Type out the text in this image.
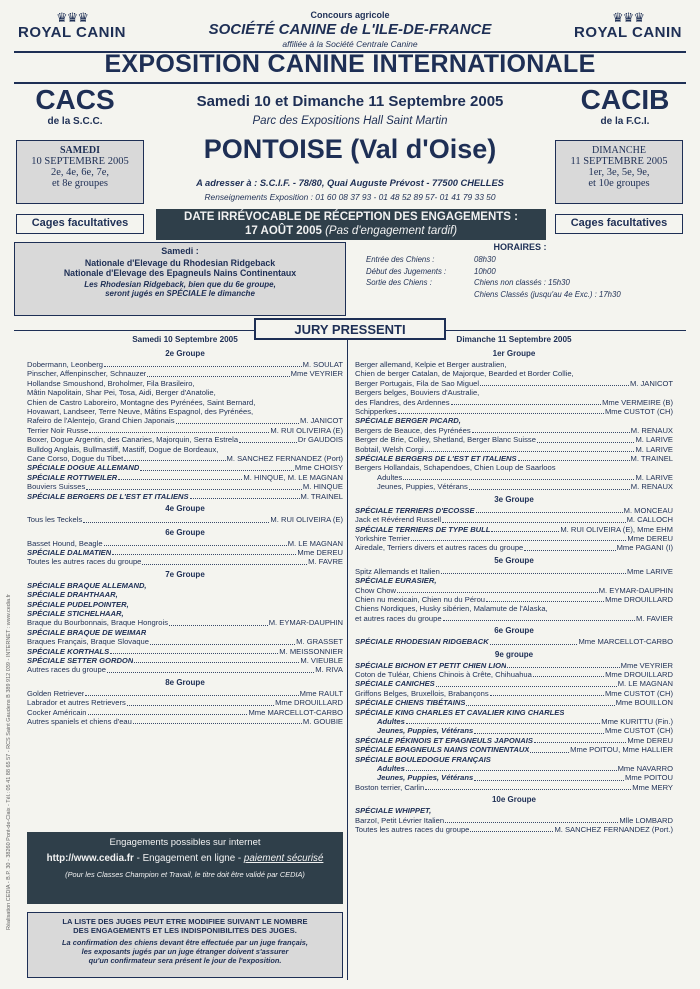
Réalisation CEDIA - B.P. 30 - 38260 Pont-de-Claix - Tél.: 05 41 88 65 57 - RCS Saint Gaudens B 389 912 039 - INTERNET : www.cedia.fr
♛♛♛
ROYAL CANIN
♛♛♛
ROYAL CANIN
Concours agricole
SOCIÉTÉ CANINE de L'ILE-DE-FRANCE
affiliée à la Société Centrale Canine
EXPOSITION CANINE INTERNATIONALE
CACS
de la S.C.C.
CACIB
de la F.C.I.
Samedi 10 et Dimanche 11 Septembre 2005
Parc des Expositions Hall Saint Martin
PONTOISE (Val d'Oise)
A adresser à : S.C.I.F. - 78/80, Quai Auguste Prévost - 77500 CHELLES
Renseignements Exposition : 01 60 08 37 93 - 01 48 52 89 57- 01 41 79 33 50
SAMEDI
10 SEPTEMBRE 2005
2e, 4e, 6e, 7e,
et 8e groupes
Cages facultatives
DIMANCHE
11 SEPTEMBRE 2005
1er, 3e, 5e, 9e,
et 10e groupes
Cages facultatives
DATE IRRÉVOCABLE DE RÉCEPTION DES ENGAGEMENTS :
17 AOÛT 2005 (Pas d'engagement tardif)
Samedi :
Nationale d'Elevage du Rhodesian Ridgeback
Nationale d'Elevage des Epagneuls Nains Continentaux
Les Rhodesian Ridgeback, bien que du 6e groupe,
seront jugés en SPÉCIALE le dimanche
HORAIRES :
Entrée des Chiens :	08h30
Début des Jugements :	10h00
Sortie des Chiens :	Chiens non classés : 15h30
Chiens Classés (jusqu'au 4e Exc.) : 17h30
JURY PRESSENTI
Samedi 10 Septembre 2005
2e Groupe
Dobermann, Leonberg	M. SOULAT
Pinscher, Affenpinscher, Schnauzer	Mme VEYRIER
Hollandse Smoushond, Broholmer, Fila Brasileiro,
Mâtin Napolitain, Shar Pei, Tosa, Aidi, Berger d'Anatolie,
Chien de Castro Laboreiro, Montagne des Pyrénées, Saint Bernard,
Hovawart, Landseer, Terre Neuve, Mâtins Espagnol, des Pyrénées,
Rafeiro de l'Alentejo, Grand Chien Japonais	M. JANICOT
Terrier Noir Russe	M. RUI OLIVEIRA (E)
Boxer, Dogue Argentin, des Canaries, Majorquin, Serra Estrela	Dr GAUDOIS
Bulldog Anglais, Bullmastiff, Mastiff, Dogue de Bordeaux,
Cane Corso, Dogue du Tibet	M. SANCHEZ FERNANDEZ (Port)
SPÉCIALE DOGUE ALLEMAND	Mme CHOISY
SPÉCIALE ROTTWEILER	M. HINQUE, M. LE MAGNAN
Bouviers Suisses	M. HINQUE
SPÉCIALE BERGERS DE L'EST ET ITALIENS	M. TRAINEL
4e Groupe
Tous les Teckels	M. RUI OLIVEIRA (E)
6e Groupe
Basset Hound, Beagle	M. LE MAGNAN
SPÉCIALE DALMATIEN	Mme DEREU
Toutes les autres races du groupe	M. FAVRE
7e Groupe
SPÉCIALE BRAQUE ALLEMAND,
SPÉCIALE DRAHTHAAR,
SPÉCIALE PUDELPOINTER,
SPÉCIALE STICHELHAAR,
Braque du Bourbonnais, Braque Hongrois	M. EYMAR-DAUPHIN
SPÉCIALE BRAQUE DE WEIMAR
Braques Français, Braque Slovaque	M. GRASSET
SPÉCIALE KORTHALS	M. MEISSONNIER
SPÉCIALE SETTER GORDON	M. VIEUBLE
Autres races du groupe	M. RIVA
8e Groupe
Golden Retriever	Mme RAULT
Labrador et autres Retrievers	Mme DROUILLARD
Cocker Américain	Mme MARCELLOT-CARBO
Autres spaniels et chiens d'eau	M. GOUBIE
Dimanche 11 Septembre 2005
1er Groupe
Berger allemand, Kelpie et Berger australien,
Chien de berger Catalan, de Majorque, Bearded et Border Collie,
Berger Portugais, Fila de Sao Miguel	M. JANICOT
Bergers belges, Bouviers d'Australie,
des Flandres, des Ardennes	Mme VERMEIRE (B)
Schipperkes	Mme CUSTOT (CH)
SPÉCIALE BERGER PICARD,
Bergers de Beauce, des Pyrénées	M. RENAUX
Berger de Brie, Colley, Shetland, Berger Blanc Suisse	M. LARIVE
Bobtail, Welsh Corgi	M. LARIVE
SPÉCIALE BERGERS DE L'EST ET ITALIENS	M. TRAINEL
Bergers Hollandais, Schapendoes, Chien Loup de Saarloos
Adultes	M. LARIVE
Jeunes, Puppies, Vétérans	M. RENAUX
3e Groupe
SPÉCIALE TERRIERS D'ECOSSE	M. MONCEAU
Jack et Révérend Russell	M. CALLOCH
SPÉCIALE TERRIERS DE TYPE BULL	M. RUI OLIVEIRA (E), Mme EHM
Yorkshire Terrier	Mme DEREU
Airedale, Terriers divers et autres races du groupe	Mme PAGANI (I)
5e Groupe
Spitz Allemands et Italien	Mme LARIVE
SPÉCIALE EURASIER,
Chow Chow	M. EYMAR-DAUPHIN
Chien nu mexicain, Chien nu du Pérou	Mme DROUILLARD
Chiens Nordiques, Husky sibérien, Malamute de l'Alaska,
et autres races du groupe	M. FAVIER
6e Groupe
SPÉCIALE RHODESIAN RIDGEBACK	Mme MARCELLOT-CARBO
9e groupe
SPÉCIALE BICHON ET PETIT CHIEN LION	Mme VEYRIER
Coton de Tuléar, Chiens Chinois à Crête, Chihuahua	Mme DROUILLARD
SPÉCIALE CANICHES	M. LE MAGNAN
Griffons Belges, Bruxellois, Brabançons	Mme CUSTOT (CH)
SPÉCIALE CHIENS TIBÉTAINS	Mme BOUILLON
SPÉCIALE KING CHARLES ET CAVALIER KING CHARLES
Adultes	Mme KURITTU (Fin.)
Jeunes, Puppies, Vétérans	Mme CUSTOT (CH)
SPÉCIALE PÉKINOIS ET EPAGNEULS JAPONAIS	Mme DEREU
SPÉCIALE EPAGNEULS NAINS CONTINENTAUX	Mme POITOU, Mme HALLIER
SPÉCIALE BOULEDOGUE FRANÇAIS
Adultes	Mme NAVARRO
Jeunes, Puppies, Vétérans	Mme POITOU
Boston terrier, Carlin	Mme MERY
10e Groupe
SPÉCIALE WHIPPET,
Barzoï, Petit Lévrier Italien	Mlle LOMBARD
Toutes les autres races du groupe	M. SANCHEZ FERNANDEZ (Port.)
Engagements possibles sur internet
http://www.cedia.fr - Engagement en ligne - paiement sécurisé
(Pour les Classes Champion et Travail, le titre doit être validé par CEDIA)
LA LISTE DES JUGES PEUT ETRE MODIFIEE SUIVANT LE NOMBRE
DES ENGAGEMENTS ET LES INDISPONIBILITES DES JUGES.
La confirmation des chiens devant être effectuée par un juge français,
les exposants jugés par un juge étranger doivent s'assurer
qu'un confirmateur sera présent le jour de l'exposition.
